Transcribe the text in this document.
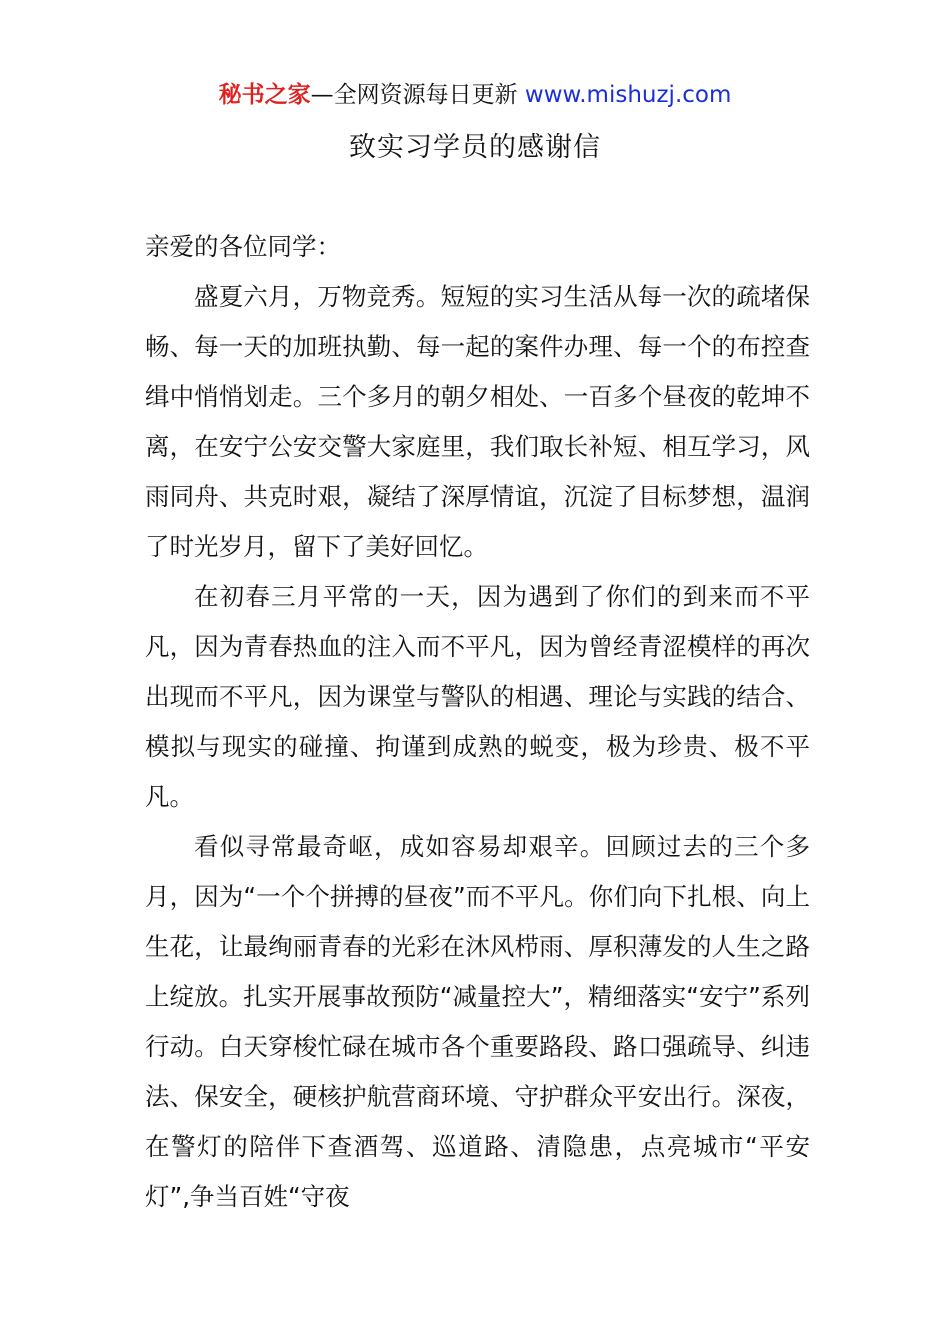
秘书之家—全网资源每日更新 www.mishuzj.com
致实习学员的感谢信

亲爱的各位同学：

盛夏六月，万物竞秀。短短的实习生活从每一次的疏堵保畅、每一天的加班执勤、每一起的案件办理、每一个的布控查缉中悄悄划走。三个多月的朝夕相处、一百多个昼夜的乾坤不离，在安宁公安交警大家庭里，我们取长补短、相互学习，风雨同舟、共克时艰，凝结了深厚情谊，沉淀了目标梦想，温润了时光岁月，留下了美好回忆。

在初春三月平常的一天，因为遇到了你们的到来而不平凡，因为青春热血的注入而不平凡，因为曾经青涩模样的再次出现而不平凡，因为课堂与警队的相遇、理论与实践的结合、模拟与现实的碰撞、拘谨到成熟的蜕变，极为珍贵、极不平凡。

看似寻常最奇岖，成如容易却艰辛。回顾过去的三个多月，因为“一个个拼搏的昼夜”而不平凡。你们向下扎根、向上生花，让最绚丽青春的光彩在沐风栉雨、厚积薄发的人生之路上绽放。扎实开展事故预防“减量控大”，精细落实“安宁”系列行动。白天穿梭忙碌在城市各个重要路段、路口强疏导、纠违法、保安全，硬核护航营商环境、守护群众平安出行。深夜，在警灯的陪伴下查酒驾、巡道路、清隐患，点亮城市“平安灯”,争当百姓“守夜
